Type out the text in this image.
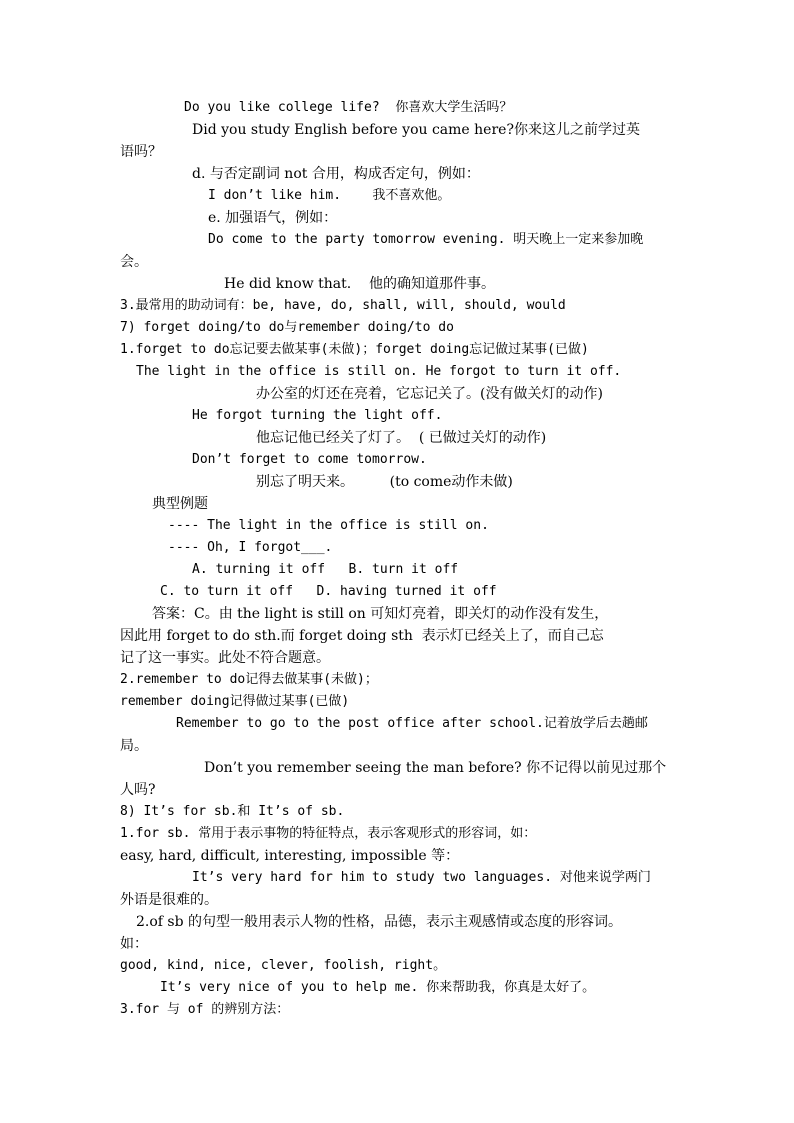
Do you like college life?  你喜欢大学生活吗？
Did you study English before you came here?你来这儿之前学过英
语吗？
d. 与否定副词 not 合用，构成否定句，例如：
I don’t like him.    我不喜欢他。
e. 加强语气，例如：
Do come to the party tomorrow evening. 明天晚上一定来参加晚
会。
He did know that.    他的确知道那件事。
3.最常用的助动词有：be, have, do, shall, will, should, would
7) forget doing/to do与remember doing/to do
1.forget to do忘记要去做某事(未做)；forget doing忘记做过某事(已做)
The light in the office is still on. He forgot to turn it off.
办公室的灯还在亮着，它忘记关了。(没有做关灯的动作)
He forgot turning the light off.
他忘记他已经关了灯了。  ( 已做过关灯的动作)
Don’t forget to come tomorrow.
别忘了明天来。        (to come动作未做)
典型例题
---- The light in the office is still on.
---- Oh, I forgot___.
A. turning it off   B. turn it off
C. to turn it off   D. having turned it off
答案：C。由 the light is still on 可知灯亮着，即关灯的动作没有发生，
因此用 forget to do sth.而 forget doing sth  表示灯已经关上了，而自己忘
记了这一事实。此处不符合题意。
2.remember to do记得去做某事(未做)；
remember doing记得做过某事(已做)
Remember to go to the post office after school.记着放学后去趟邮
局。
Don’t you remember seeing the man before? 你不记得以前见过那个
人吗?
8) It’s for sb.和 It’s of sb.
1.for sb. 常用于表示事物的特征特点，表示客观形式的形容词，如：
easy, hard, difficult, interesting, impossible 等：
It’s very hard for him to study two languages. 对他来说学两门
外语是很难的。
2.of sb 的句型一般用表示人物的性格，品德，表示主观感情或态度的形容词。
如：
good, kind, nice, clever, foolish, right。
It’s very nice of you to help me. 你来帮助我，你真是太好了。
3.for 与 of 的辨别方法：
